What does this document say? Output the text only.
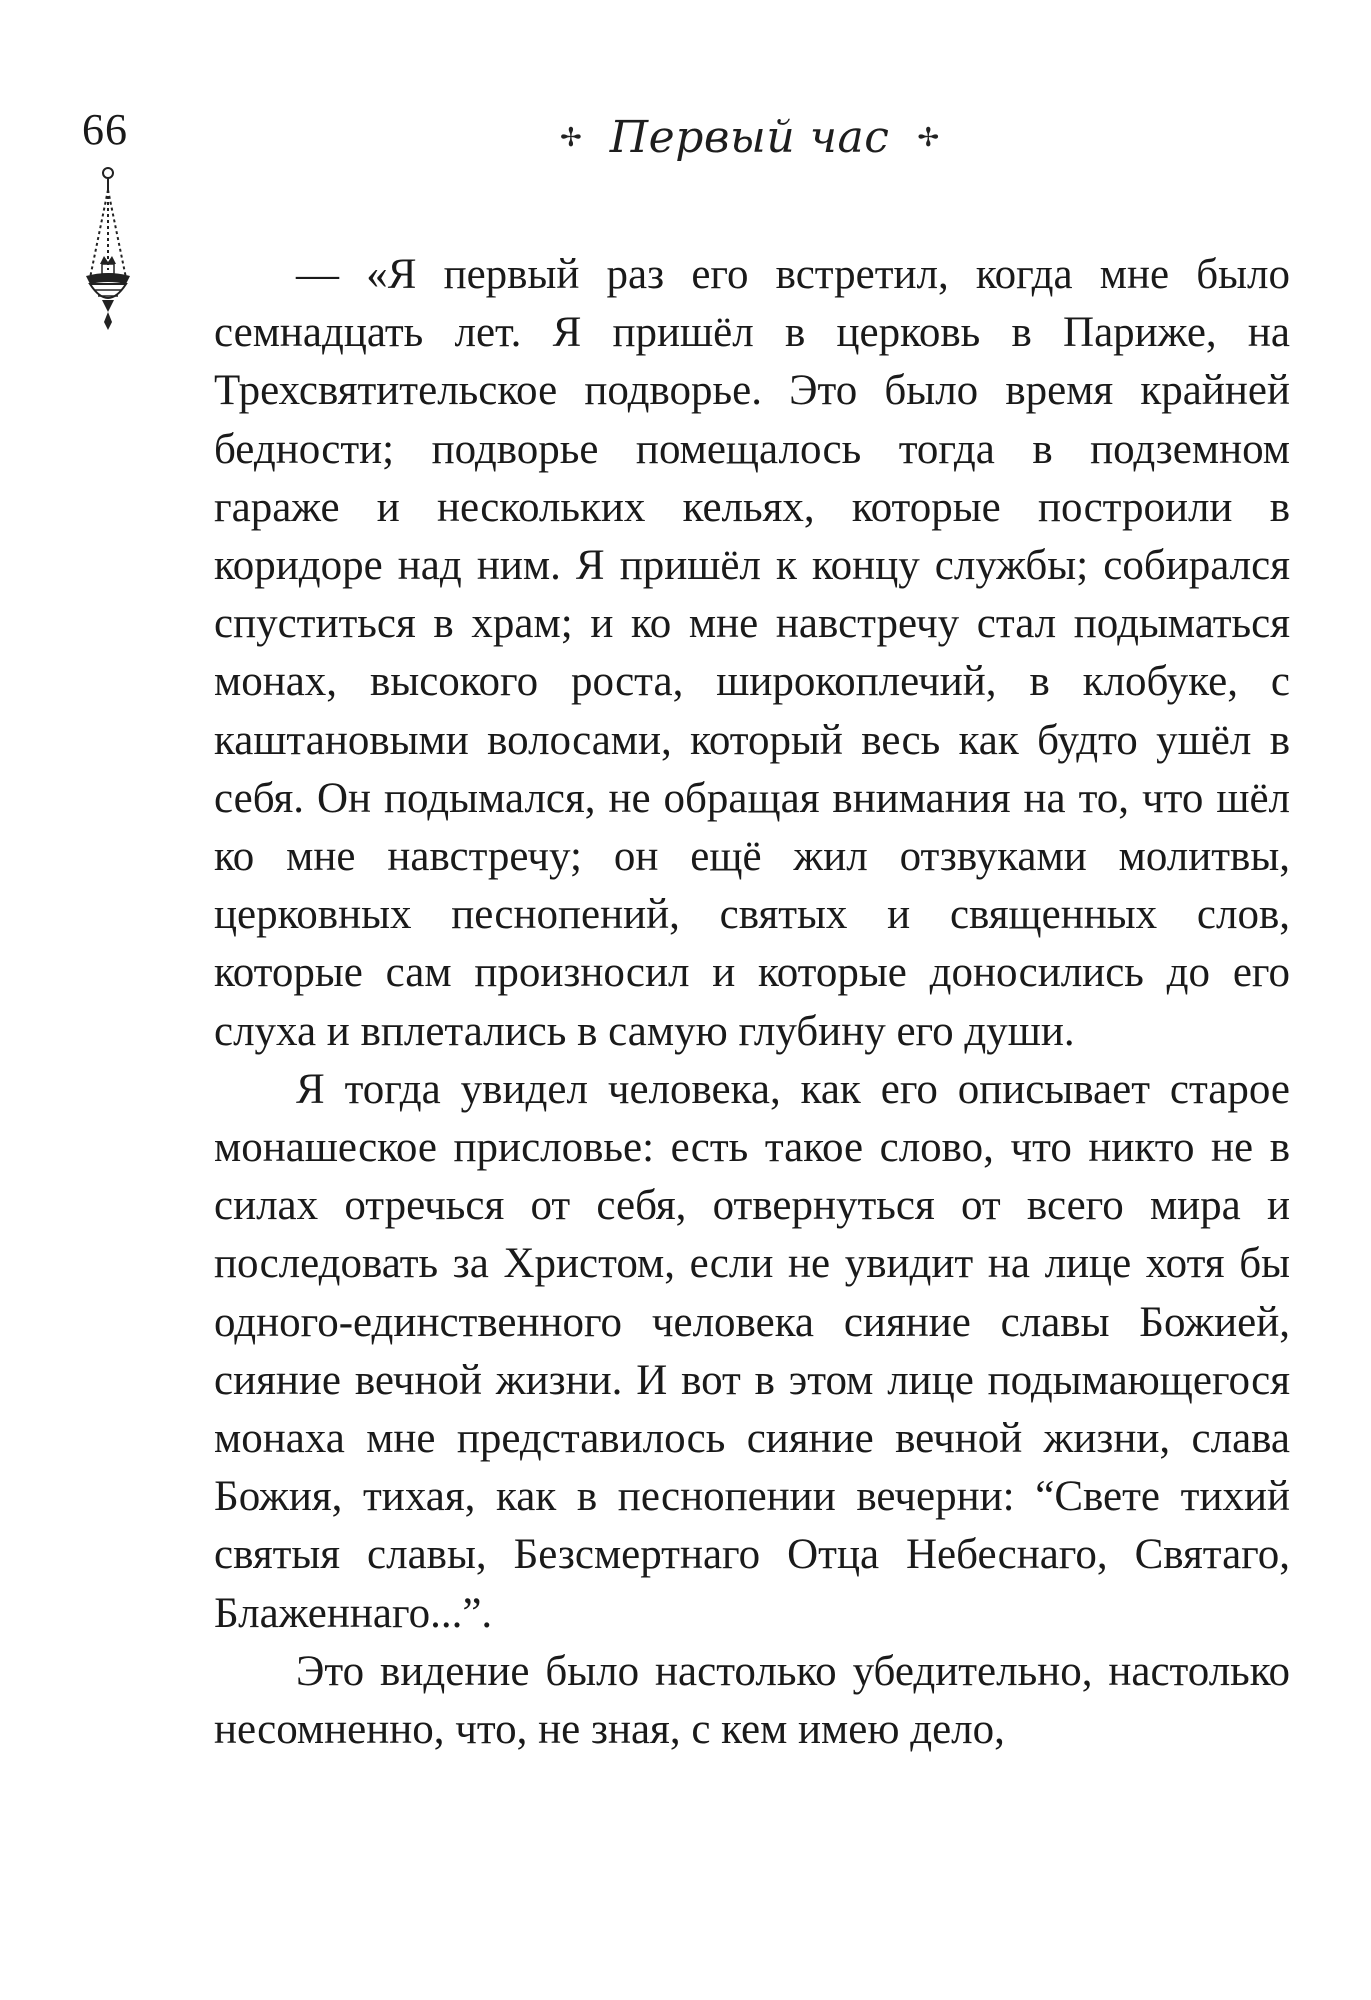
66	✢ Первый час ✢

— «Я первый раз его встретил, когда мне было семнадцать лет. Я пришёл в церковь в Париже, на Трехсвятительское подворье. Это было время крайней бедности; подворье помещалось тогда в подземном гараже и нескольких кельях, которые построили в коридоре над ним. Я пришёл к концу службы; собирался спуститься в храм; и ко мне навстречу стал подыматься монах, высокого роста, широкоплечий, в клобуке, с каштановыми волосами, который весь как будто ушёл в себя. Он подымался, не обращая внимания на то, что шёл ко мне навстречу; он ещё жил отзвуками молитвы, церковных песнопений, святых и священных слов, которые сам произносил и которые доносились до его слуха и вплетались в самую глубину его души.

Я тогда увидел человека, как его описывает старое монашеское присловье: есть такое слово, что никто не в силах отречься от себя, отвернуться от всего мира и последовать за Христом, если не увидит на лице хотя бы одного-единственного человека сияние славы Божией, сияние вечной жизни. И вот в этом лице подымающегося монаха мне представилось сияние вечной жизни, слава Божия, тихая, как в песнопении вечерни: “Свете тихий святыя славы, Безсмертнаго Отца Небеснаго, Святаго, Блаженнаго...”.

Это видение было настолько убедительно, настолько несомненно, что, не зная, с кем имею дело,
